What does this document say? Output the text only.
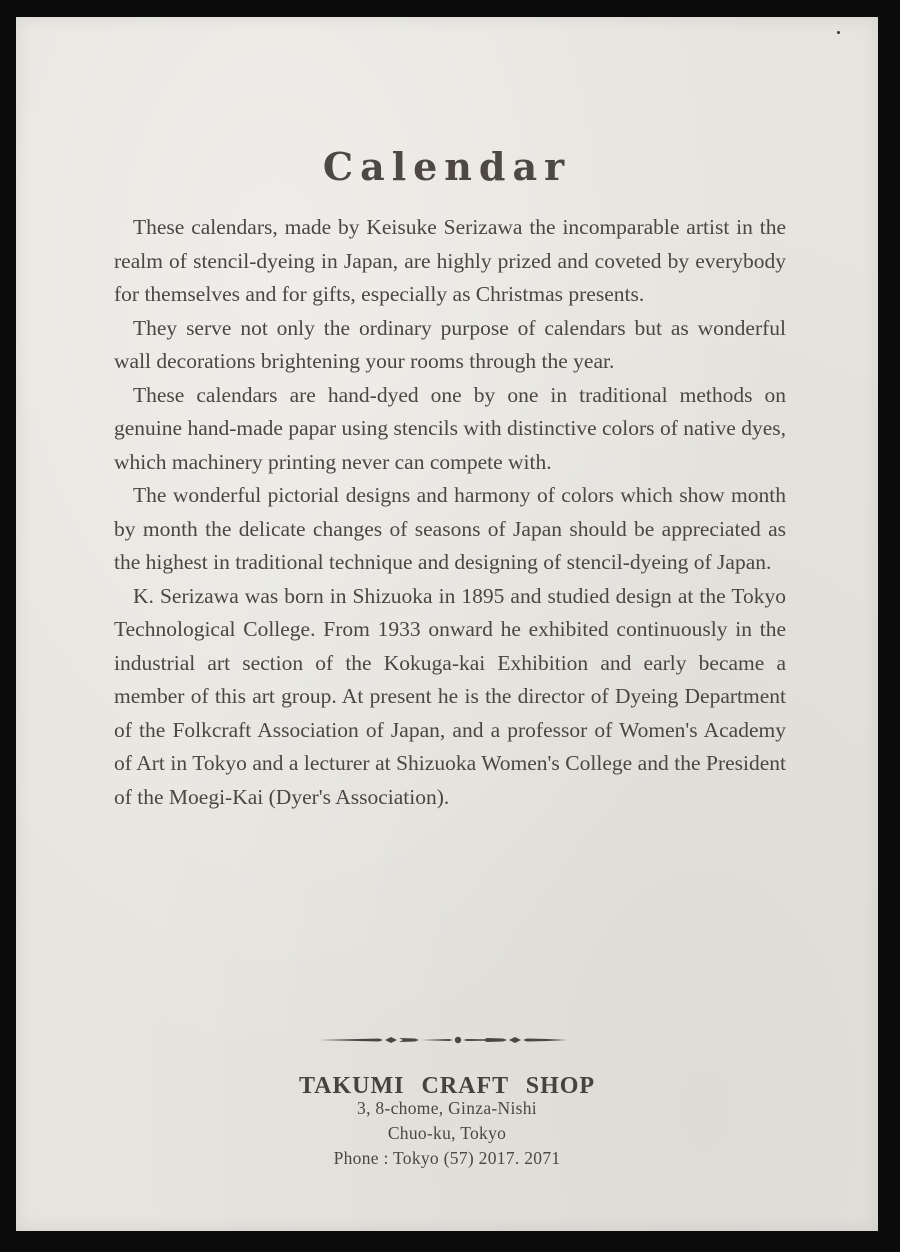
Calendar

These calendars, made by Keisuke Serizawa the incomparable artist in the realm of stencil-dyeing in Japan, are highly prized and coveted by everybody for themselves and for gifts, especially as Christmas presents.

They serve not only the ordinary purpose of calendars but as wonderful wall decorations brightening your rooms through the year.

These calendars are hand-dyed one by one in traditional methods on genuine hand-made papar using stencils with distinctive colors of native dyes, which machinery printing never can compete with.

The wonderful pictorial designs and harmony of colors which show month by month the delicate changes of seasons of Japan should be appreciated as the highest in traditional technique and designing of stencil-dyeing of Japan.

K. Serizawa was born in Shizuoka in 1895 and studied design at the Tokyo Technological College. From 1933 onward he exhibited continuously in the industrial art section of the Kokuga-kai Exhibition and early became a member of this art group. At present he is the director of Dyeing Department of the Folkcraft Association of Japan, and a professor of Women's Academy of Art in Tokyo and a lecturer at Shizuoka Women's College and the President of the Moegi-Kai (Dyer's Association).

TAKUMI CRAFT SHOP

3, 8-chome, Ginza-Nishi

Chuo-ku, Tokyo

Phone : Tokyo (57) 2017. 2071
